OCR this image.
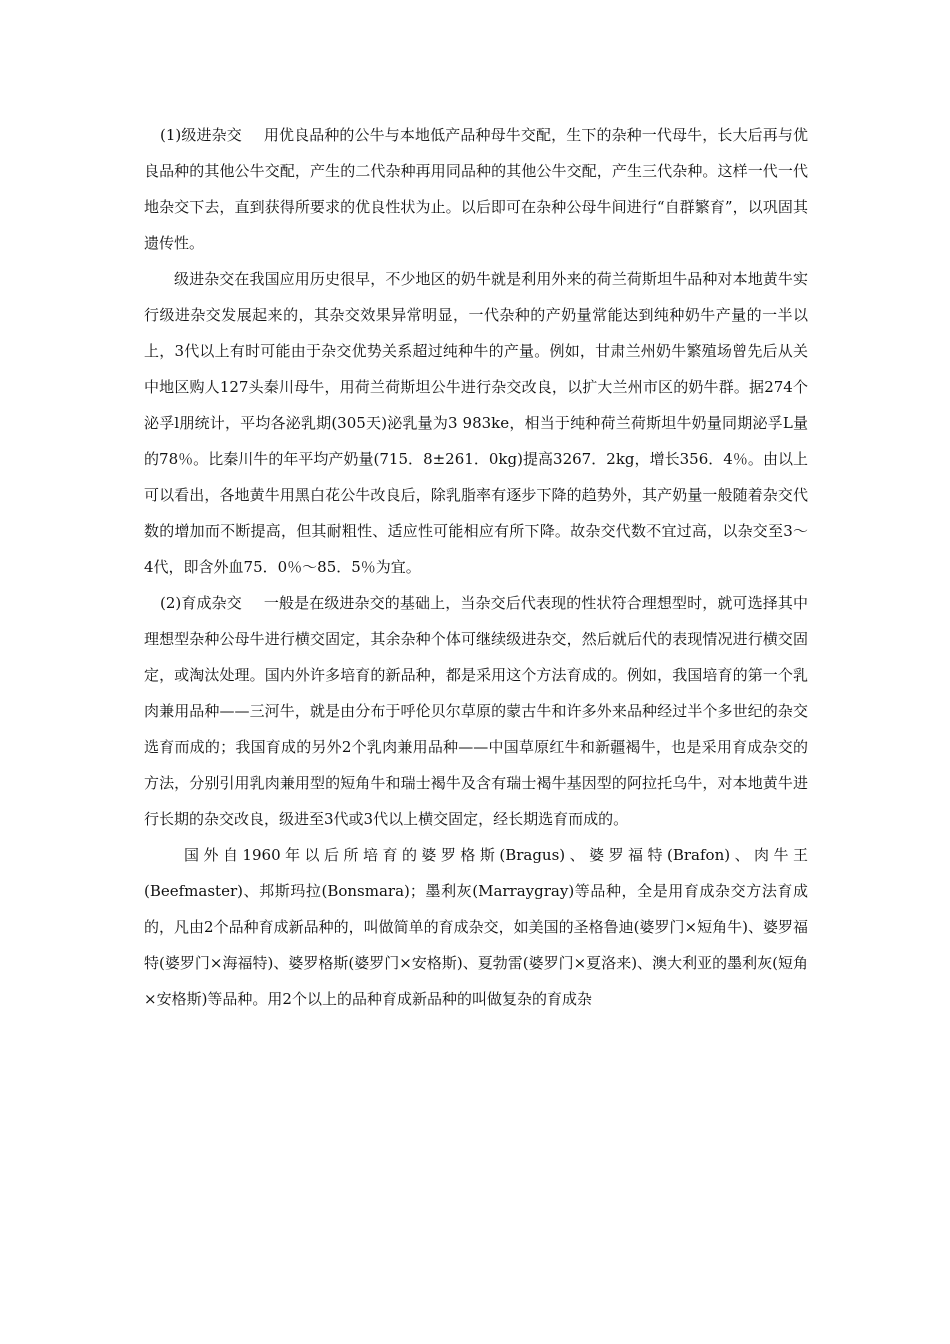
(1)级进杂交 用优良品种的公牛与本地低产品种母牛交配，生下的杂种一代母牛，长大后再与优良品种的其他公牛交配，产生的二代杂种再用同品种的其他公牛交配，产生三代杂种。这样一代一代地杂交下去，直到获得所要求的优良性状为止。以后即可在杂种公母牛间进行“自群繁育”，以巩固其遗传性。

级进杂交在我国应用历史很早，不少地区的奶牛就是利用外来的荷兰荷斯坦牛品种对本地黄牛实行级进杂交发展起来的，其杂交效果异常明显，一代杂种的产奶量常能达到纯种奶牛产量的一半以上，3代以上有时可能由于杂交优势关系超过纯种牛的产量。例如，甘肃兰州奶牛繁殖场曾先后从关中地区购人127头秦川母牛，用荷兰荷斯坦公牛进行杂交改良，以扩大兰州市区的奶牛群。据274个泌孚l朋统计，平均各泌乳期(305天)泌乳量为3 983ke，相当于纯种荷兰荷斯坦牛奶量同期泌孚L量的78％。比秦川牛的年平均产奶量(715．8±261．0kg)提高3267．2kg，增长356．4％。由以上可以看出，各地黄牛用黑白花公牛改良后，除乳脂率有逐步下降的趋势外，其产奶量一般随着杂交代数的增加而不断提高，但其耐粗性、适应性可能相应有所下降。故杂交代数不宜过高，以杂交至3～4代，即含外血75．0％～85．5％为宜。

(2)育成杂交 一般是在级进杂交的基础上，当杂交后代表现的性状符合理想型时，就可选择其中理想型杂种公母牛进行横交固定，其余杂种个体可继续级进杂交，然后就后代的表现情况进行横交固定，或淘汰处理。国内外许多培育的新品种，都是采用这个方法育成的。例如，我国培育的第一个乳肉兼用品种——三河牛，就是由分布于呼伦贝尔草原的蒙古牛和许多外来品种经过半个多世纪的杂交选育而成的；我国育成的另外2个乳肉兼用品种——中国草原红牛和新疆褐牛，也是采用育成杂交的方法，分别引用乳肉兼用型的短角牛和瑞士褐牛及含有瑞士褐牛基因型的阿拉托乌牛，对本地黄牛进行长期的杂交改良，级进至3代或3代以上横交固定，经长期选育而成的。

国外自1960年以后所培育的婆罗格斯(Bragus)、婆罗福特(Brafon)、肉牛王(Beefmaster)、邦斯玛拉(Bonsmara)；墨利灰(Marraygray)等品种，全是用育成杂交方法育成的，凡由2个品种育成新品种的，叫做简单的育成杂交，如美国的圣格鲁迪(婆罗门×短角牛)、婆罗福特(婆罗门×海福特)、婆罗格斯(婆罗门×安格斯)、夏勃雷(婆罗门×夏洛来)、澳大利亚的墨利灰(短角×安格斯)等品种。用2个以上的品种育成新品种的叫做复杂的育成杂
